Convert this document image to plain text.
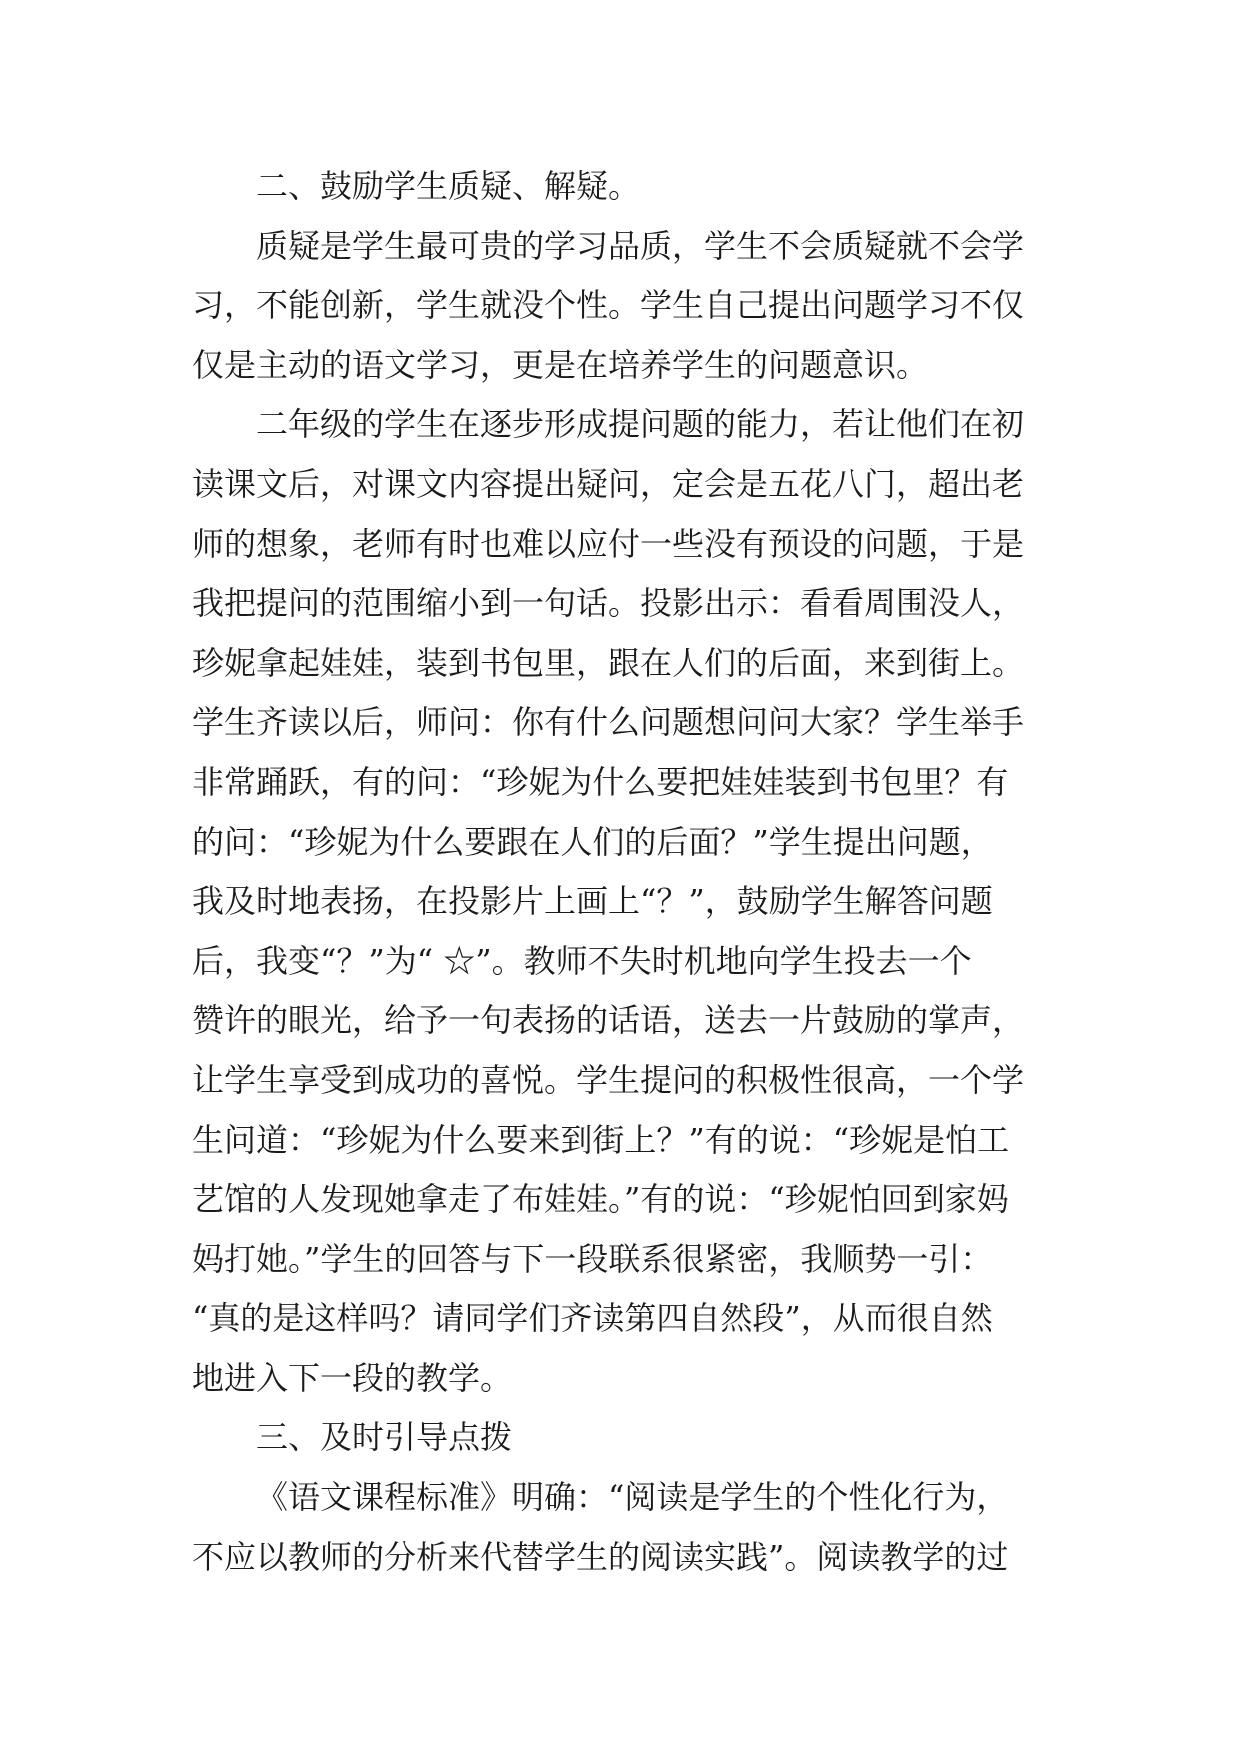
二、鼓励学生质疑、解疑。
质疑是学生最可贵的学习品质，学生不会质疑就不会学
习，不能创新，学生就没个性。学生自己提出问题学习不仅
仅是主动的语文学习，更是在培养学生的问题意识。
二年级的学生在逐步形成提问题的能力，若让他们在初
读课文后，对课文内容提出疑问，定会是五花八门，超出老
师的想象，老师有时也难以应付一些没有预设的问题，于是
我把提问的范围缩小到一句话。投影出示：看看周围没人，
珍妮拿起娃娃，装到书包里，跟在人们的后面，来到街上。
学生齐读以后，师问：你有什么问题想问问大家？学生举手
非常踊跃，有的问：“珍妮为什么要把娃娃装到书包里？有
的问：“珍妮为什么要跟在人们的后面？”学生提出问题，
我及时地表扬，在投影片上画上“？”，鼓励学生解答问题
后，我变“？”为“ ☆”。教师不失时机地向学生投去一个
赞许的眼光，给予一句表扬的话语，送去一片鼓励的掌声，
让学生享受到成功的喜悦。学生提问的积极性很高，一个学
生问道：“珍妮为什么要来到街上？”有的说：“珍妮是怕工
艺馆的人发现她拿走了布娃娃。”有的说：“珍妮怕回到家妈
妈打她。”学生的回答与下一段联系很紧密，我顺势一引：
“真的是这样吗？请同学们齐读第四自然段”，从而很自然
地进入下一段的教学。
三、及时引导点拨
《语文课程标准》明确：“阅读是学生的个性化行为，
不应以教师的分析来代替学生的阅读实践”。阅读教学的过
